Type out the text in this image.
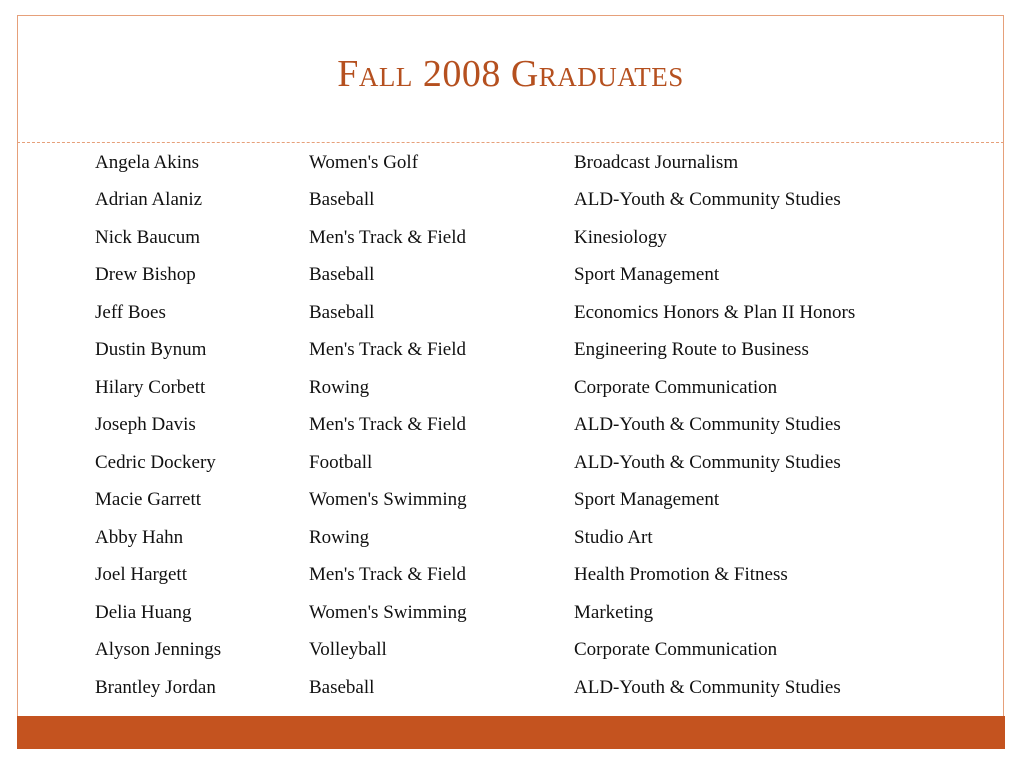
Fall 2008 Graduates
Angela Akins	Women's Golf	Broadcast Journalism
Adrian Alaniz	Baseball	ALD-Youth & Community Studies
Nick Baucum	Men's Track & Field	Kinesiology
Drew Bishop	Baseball	Sport Management
Jeff Boes	Baseball	Economics Honors & Plan II Honors
Dustin Bynum	Men's Track & Field	Engineering Route to Business
Hilary Corbett	Rowing	Corporate Communication
Joseph Davis	Men's Track & Field	ALD-Youth & Community Studies
Cedric Dockery	Football	ALD-Youth & Community Studies
Macie Garrett	Women's Swimming	Sport Management
Abby Hahn	Rowing	Studio Art
Joel Hargett	Men's Track & Field	Health Promotion & Fitness
Delia Huang	Women's Swimming	Marketing
Alyson Jennings	Volleyball	Corporate Communication
Brantley Jordan	Baseball	ALD-Youth & Community Studies
